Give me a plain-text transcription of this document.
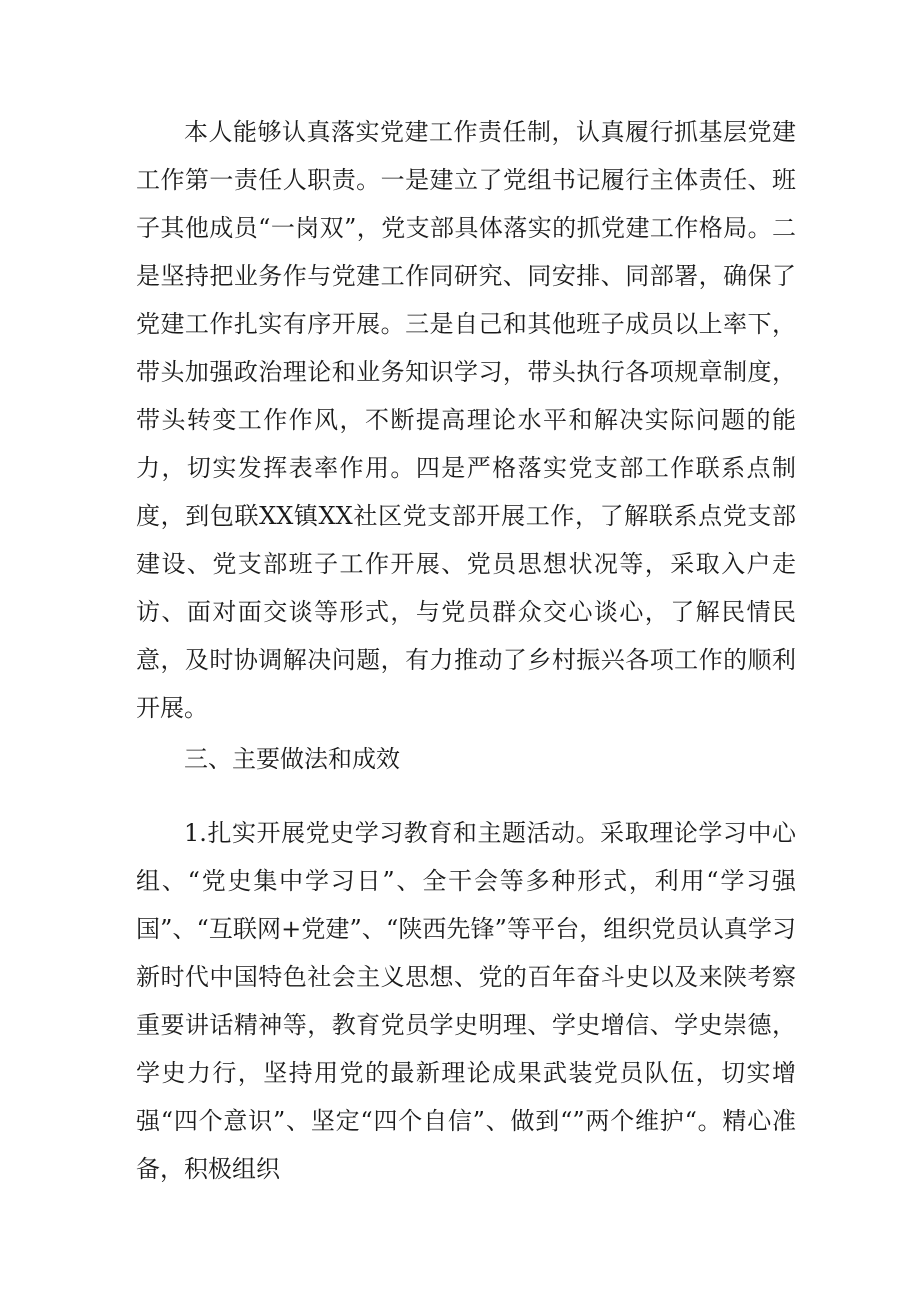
本人能够认真落实党建工作责任制，认真履行抓基层党建工作第一责任人职责。一是建立了党组书记履行主体责任、班子其他成员“一岗双”，党支部具体落实的抓党建工作格局。二是坚持把业务作与党建工作同研究、同安排、同部署，确保了党建工作扎实有序开展。三是自己和其他班子成员以上率下，带头加强政治理论和业务知识学习，带头执行各项规章制度，带头转变工作作风，不断提高理论水平和解决实际问题的能力，切实发挥表率作用。四是严格落实党支部工作联系点制度，到包联XX镇XX社区党支部开展工作，了解联系点党支部建设、党支部班子工作开展、党员思想状况等，采取入户走访、面对面交谈等形式，与党员群众交心谈心，了解民情民意，及时协调解决问题，有力推动了乡村振兴各项工作的顺利开展。

三、主要做法和成效

1.扎实开展党史学习教育和主题活动。采取理论学习中心组、“党史集中学习日”、全干会等多种形式，利用“学习强国”、“互联网+党建”、“陕西先锋”等平台，组织党员认真学习新时代中国特色社会主义思想、党的百年奋斗史以及来陕考察重要讲话精神等，教育党员学史明理、学史增信、学史崇德，学史力行，坚持用党的最新理论成果武装党员队伍，切实增强“四个意识”、坚定“四个自信”、做到“”两个维护“。精心准备，积极组织
